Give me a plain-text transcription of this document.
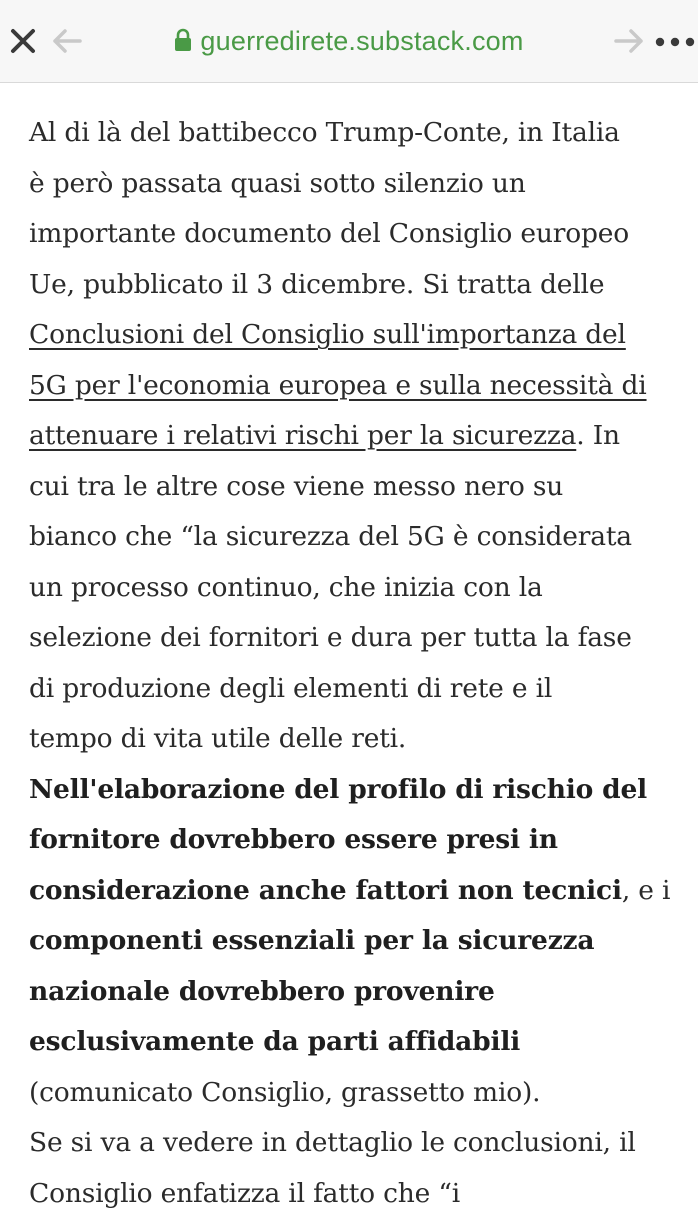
guerredirete.substack.com
Al di là del battibecco Trump-Conte, in Italia
è però passata quasi sotto silenzio un
importante documento del Consiglio europeo
Ue, pubblicato il 3 dicembre. Si tratta delle
Conclusioni del Consiglio sull'importanza del
5G per l'economia europea e sulla necessità di
attenuare i relativi rischi per la sicurezza. In
cui tra le altre cose viene messo nero su
bianco che “la sicurezza del 5G è considerata
un processo continuo, che inizia con la
selezione dei fornitori e dura per tutta la fase
di produzione degli elementi di rete e il
tempo di vita utile delle reti.
Nell'elaborazione del profilo di rischio del
fornitore dovrebbero essere presi in
considerazione anche fattori non tecnici, e i
componenti essenziali per la sicurezza
nazionale dovrebbero provenire
esclusivamente da parti affidabili
(comunicato Consiglio, grassetto mio).
Se si va a vedere in dettaglio le conclusioni, il
Consiglio enfatizza il fatto che “i
